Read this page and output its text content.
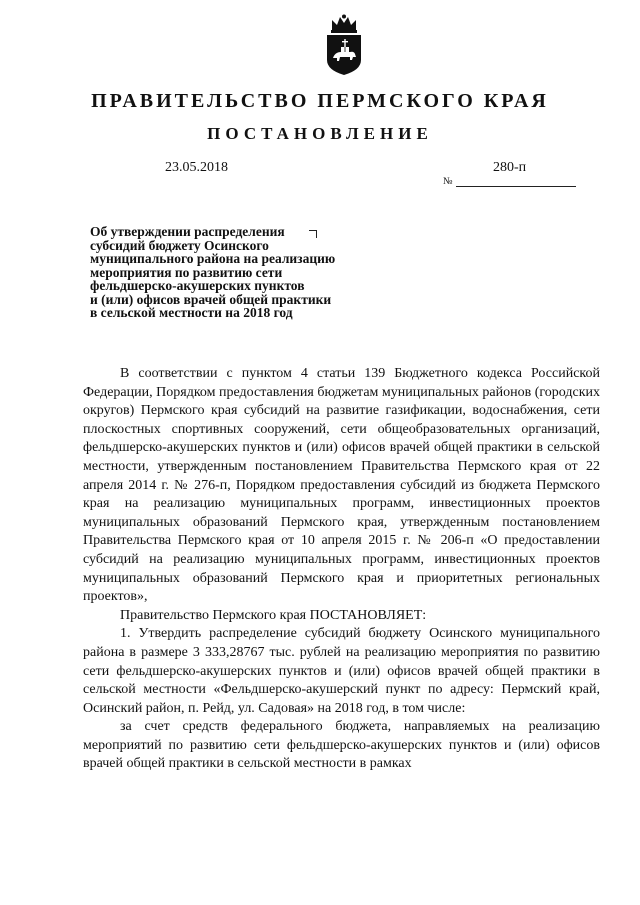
ПРАВИТЕЛЬСТВО ПЕРМСКОГО КРАЯ
ПОСТАНОВЛЕНИЕ
23.05.2018	280-п
№
Об утверждении распределения
субсидий бюджету Осинского
муниципального района на реализацию
мероприятия по развитию сети
фельдшерско-акушерских пунктов
и (или) офисов врачей общей практики
в сельской местности на 2018 год

В соответствии с пунктом 4 статьи 139 Бюджетного кодекса Российской Федерации, Порядком предоставления бюджетам муниципальных районов (городских округов) Пермского края субсидий на развитие газификации, водоснабжения, сети плоскостных спортивных сооружений, сети общеобразовательных организаций, фельдшерско-акушерских пунктов и (или) офисов врачей общей практики в сельской местности, утвержденным постановлением Правительства Пермского края от 22 апреля 2014 г. № 276-п, Порядком предоставления субсидий из бюджета Пермского края на реализацию муниципальных программ, инвестиционных проектов муниципальных образований Пермского края, утвержденным постановлением Правительства Пермского края от 10 апреля 2015 г. № 206-п «О предоставлении субсидий на реализацию муниципальных программ, инвестиционных проектов муниципальных образований Пермского края и приоритетных региональных проектов»,

Правительство Пермского края ПОСТАНОВЛЯЕТ:

1. Утвердить распределение субсидий бюджету Осинского муниципального района в размере 3 333,28767 тыс. рублей на реализацию мероприятия по развитию сети фельдшерско-акушерских пунктов и (или) офисов врачей общей практики в сельской местности «Фельдшерско-акушерский пункт по адресу: Пермский край, Осинский район, п. Рейд, ул. Садовая» на 2018 год, в том числе:

за счет средств федерального бюджета, направляемых на реализацию мероприятий по развитию сети фельдшерско-акушерских пунктов и (или) офисов врачей общей практики в сельской местности в рамках
